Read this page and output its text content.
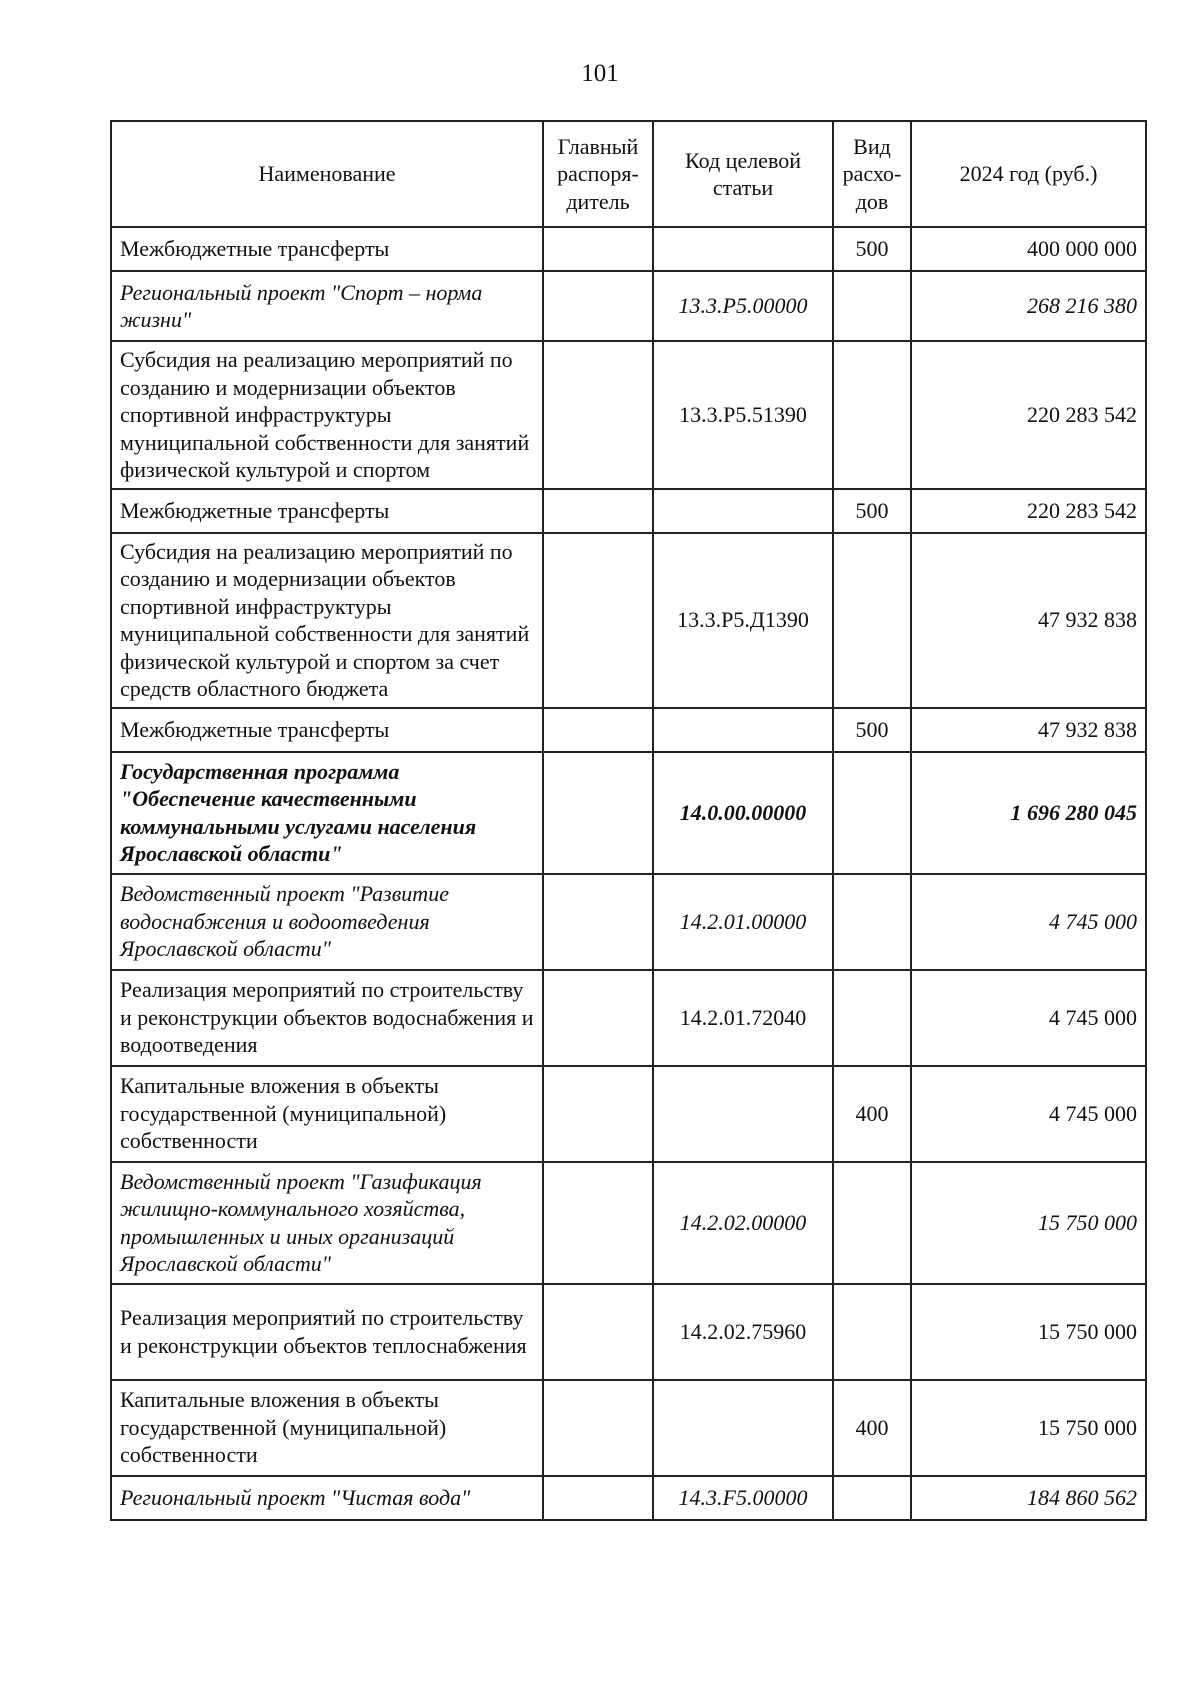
101
Наименование	Главный распоря-дитель	Код целевой статьи	Вид расхо-дов	2024 год (руб.)
Межбюджетные трансферты			500	400 000 000
Региональный проект "Спорт – норма жизни"		13.3.Р5.00000		268 216 380
Субсидия на реализацию мероприятий по созданию и модернизации объектов спортивной инфраструктуры муниципальной собственности для занятий физической культурой и спортом		13.3.Р5.51390		220 283 542
Межбюджетные трансферты			500	220 283 542
Субсидия на реализацию мероприятий по созданию и модернизации объектов спортивной инфраструктуры муниципальной собственности для занятий физической культурой и спортом за счет средств областного бюджета		13.3.Р5.Д1390		47 932 838
Межбюджетные трансферты			500	47 932 838
Государственная программа "Обеспечение качественными коммунальными услугами населения Ярославской области"		14.0.00.00000		1 696 280 045
Ведомственный проект "Развитие водоснабжения и водоотведения Ярославской области"		14.2.01.00000		4 745 000
Реализация мероприятий по строительству и реконструкции объектов водоснабжения и водоотведения		14.2.01.72040		4 745 000
Капитальные вложения в объекты государственной (муниципальной) собственности			400	4 745 000
Ведомственный проект "Газификация жилищно-коммунального хозяйства, промышленных и иных организаций Ярославской области"		14.2.02.00000		15 750 000
Реализация мероприятий по строительству и реконструкции объектов теплоснабжения		14.2.02.75960		15 750 000
Капитальные вложения в объекты государственной (муниципальной) собственности			400	15 750 000
Региональный проект "Чистая вода"		14.3.F5.00000		184 860 562
